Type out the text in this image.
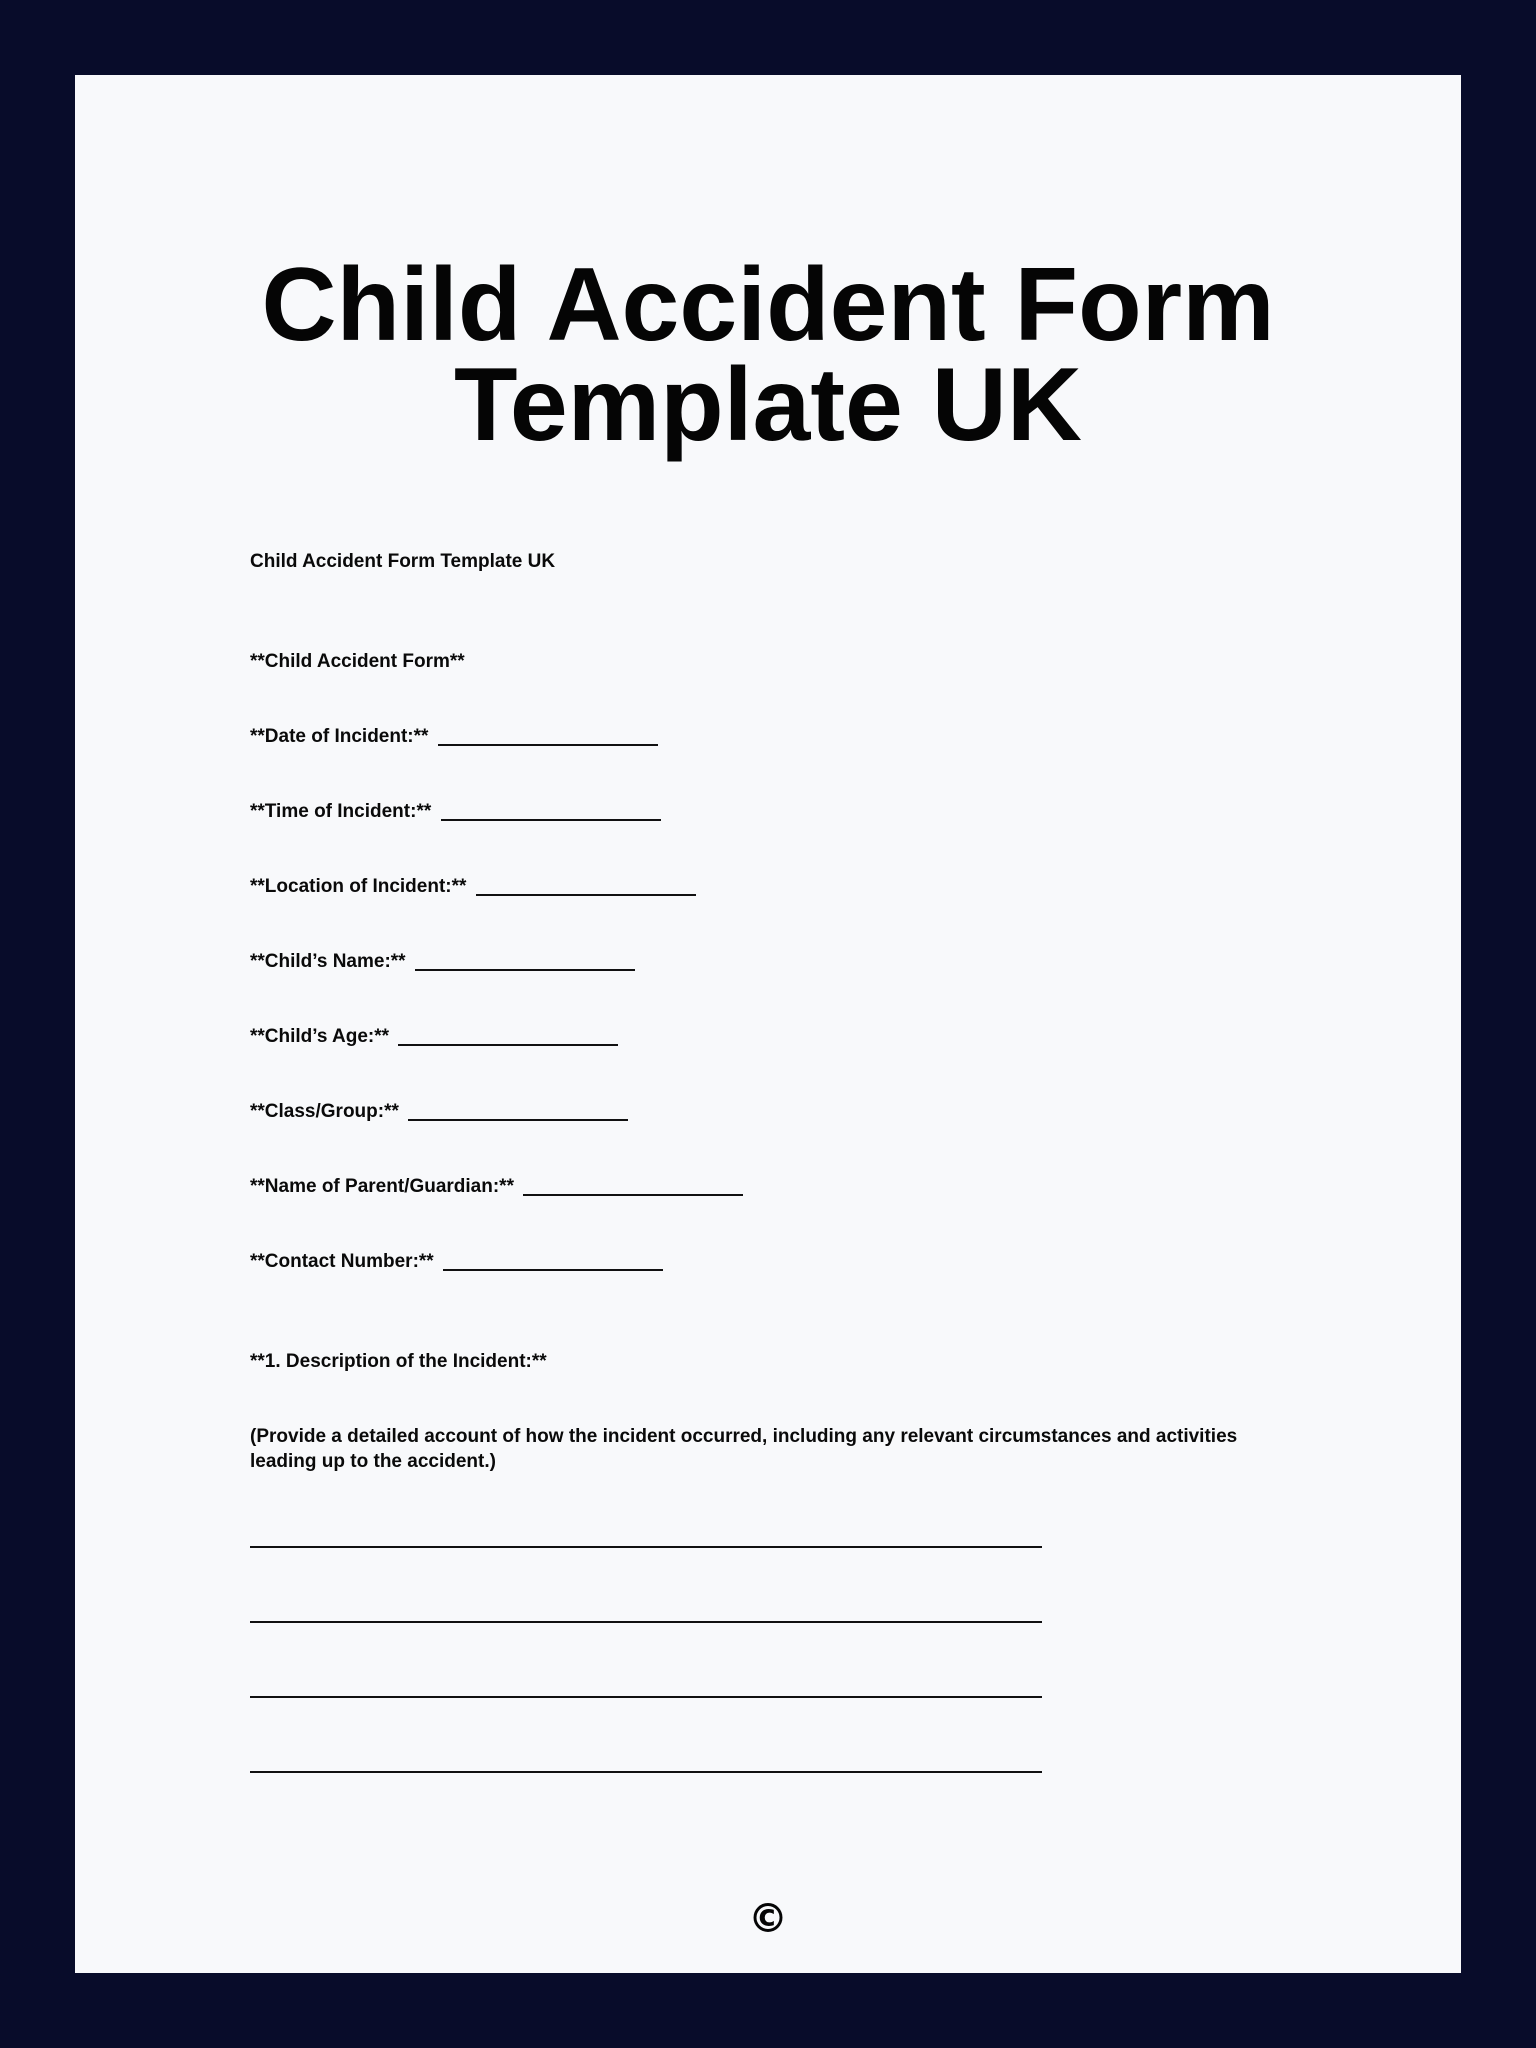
Child Accident Form
Template UK
Child Accident Form Template UK
**Child Accident Form**
**Date of Incident:**
**Time of Incident:**
**Location of Incident:**
**Child’s Name:**
**Child’s Age:**
**Class/Group:**
**Name of Parent/Guardian:**
**Contact Number:**
**1. Description of the Incident:**
(Provide a detailed account of how the incident occurred, including any relevant circumstances and activities leading up to the accident.)
©
